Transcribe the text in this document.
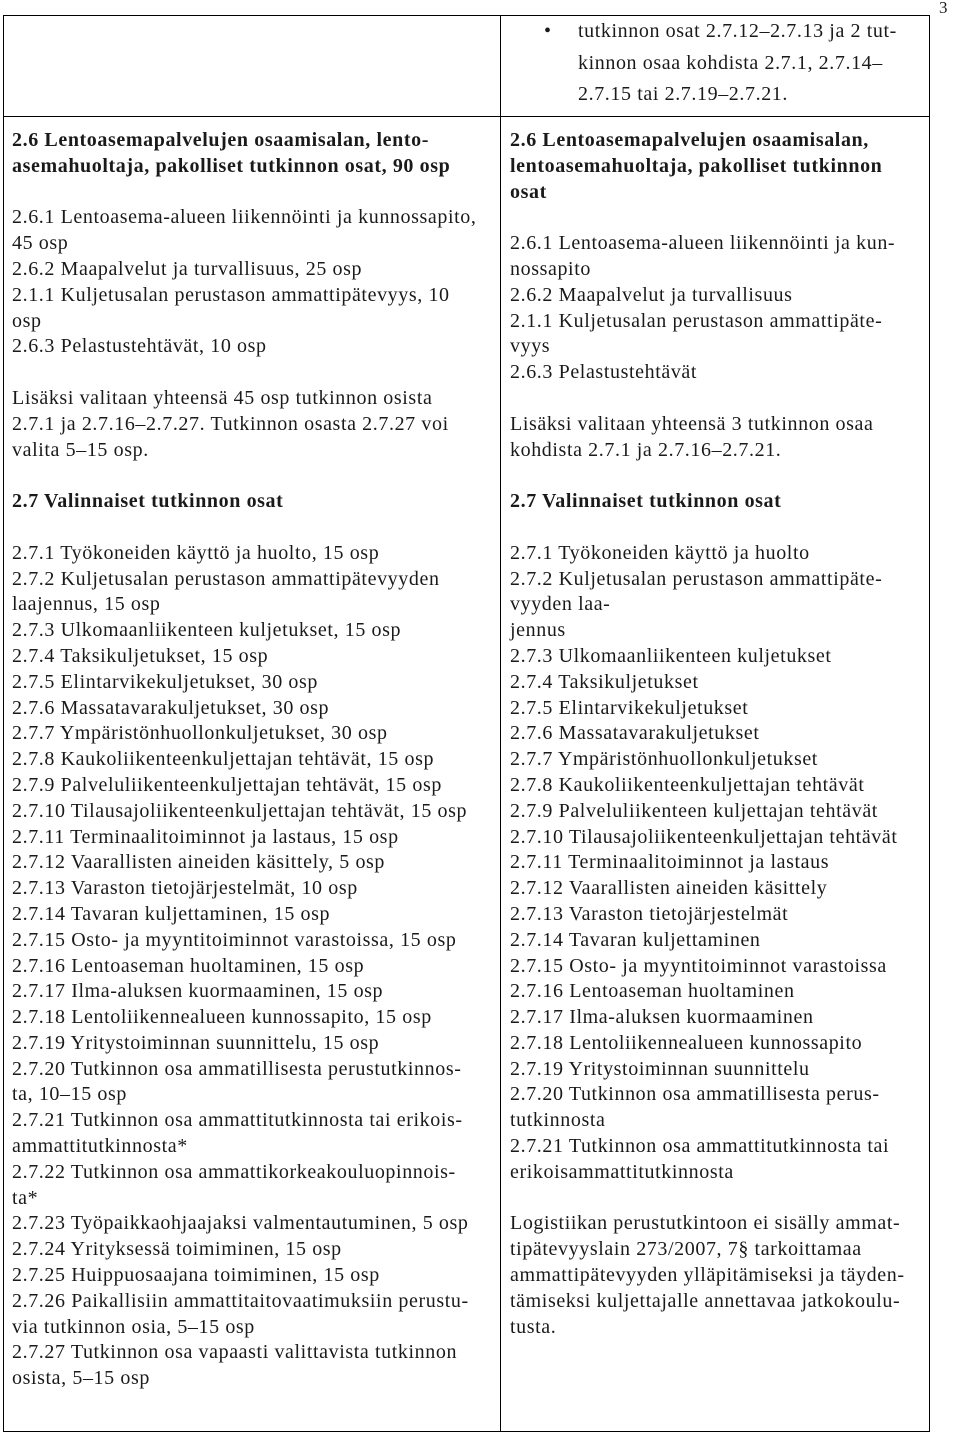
3
•
tutkinnon osat 2.7.12–2.7.13 ja 2 tut-
kinnon osaa kohdista 2.7.1, 2.7.14–
2.7.15 tai 2.7.19–2.7.21.
2.6 Lentoasemapalvelujen osaamisalan, lento-
asemahuoltaja, pakolliset tutkinnon osat, 90 osp
2.6.1 Lentoasema-alueen liikennöinti ja kunnossapito,
45 osp
2.6.2 Maapalvelut ja turvallisuus, 25 osp
2.1.1 Kuljetusalan perustason ammattipätevyys, 10
osp
2.6.3 Pelastustehtävät, 10 osp
Lisäksi valitaan yhteensä 45 osp tutkinnon osista
2.7.1 ja 2.7.16–2.7.27. Tutkinnon osasta 2.7.27 voi
valita 5–15 osp.
2.7 Valinnaiset tutkinnon osat
2.7.1 Työkoneiden käyttö ja huolto, 15 osp
2.7.2 Kuljetusalan perustason ammattipätevyyden
laajennus, 15 osp
2.7.3 Ulkomaanliikenteen kuljetukset, 15 osp
2.7.4 Taksikuljetukset, 15 osp
2.7.5 Elintarvikekuljetukset, 30 osp
2.7.6 Massatavarakuljetukset, 30 osp
2.7.7 Ympäristönhuollonkuljetukset, 30 osp
2.7.8 Kaukoliikenteenkuljettajan tehtävät, 15 osp
2.7.9 Palveluliikenteenkuljettajan tehtävät, 15 osp
2.7.10 Tilausajoliikenteenkuljettajan tehtävät, 15 osp
2.7.11 Terminaalitoiminnot ja lastaus, 15 osp
2.7.12 Vaarallisten aineiden käsittely, 5 osp
2.7.13 Varaston tietojärjestelmät, 10 osp
2.7.14 Tavaran kuljettaminen, 15 osp
2.7.15 Osto- ja myyntitoiminnot varastoissa, 15 osp
2.7.16 Lentoaseman huoltaminen, 15 osp
2.7.17 Ilma-aluksen kuormaaminen, 15 osp
2.7.18 Lentoliikennealueen kunnossapito, 15 osp
2.7.19 Yritystoiminnan suunnittelu, 15 osp
2.7.20 Tutkinnon osa ammatillisesta perustutkinnos-
ta, 10–15 osp
2.7.21 Tutkinnon osa ammattitutkinnosta tai erikois-
ammattitutkinnosta*
2.7.22 Tutkinnon osa ammattikorkeakouluopinnois-
ta*
2.7.23 Työpaikkaohjaajaksi valmentautuminen, 5 osp
2.7.24 Yrityksessä toimiminen, 15 osp
2.7.25 Huippuosaajana toimiminen, 15 osp
2.7.26 Paikallisiin ammattitaitovaatimuksiin perustu-
via tutkinnon osia, 5–15 osp
2.7.27 Tutkinnon osa vapaasti valittavista tutkinnon
osista, 5–15 osp
2.6 Lentoasemapalvelujen osaamisalan,
lentoasemahuoltaja, pakolliset tutkinnon
osat
2.6.1 Lentoasema-alueen liikennöinti ja kun-
nossapito
2.6.2 Maapalvelut ja turvallisuus
2.1.1 Kuljetusalan perustason ammattipäte-
vyys
2.6.3 Pelastustehtävät
Lisäksi valitaan yhteensä 3 tutkinnon osaa
kohdista 2.7.1 ja 2.7.16–2.7.21.
2.7 Valinnaiset tutkinnon osat
2.7.1 Työkoneiden käyttö ja huolto
2.7.2 Kuljetusalan perustason ammattipäte-
vyyden laa-
jennus
2.7.3 Ulkomaanliikenteen kuljetukset
2.7.4 Taksikuljetukset
2.7.5 Elintarvikekuljetukset
2.7.6 Massatavarakuljetukset
2.7.7 Ympäristönhuollonkuljetukset
2.7.8 Kaukoliikenteenkuljettajan tehtävät
2.7.9 Palveluliikenteen kuljettajan tehtävät
2.7.10 Tilausajoliikenteenkuljettajan tehtävät
2.7.11 Terminaalitoiminnot ja lastaus
2.7.12 Vaarallisten aineiden käsittely
2.7.13 Varaston tietojärjestelmät
2.7.14 Tavaran kuljettaminen
2.7.15 Osto- ja myyntitoiminnot varastoissa
2.7.16 Lentoaseman huoltaminen
2.7.17 Ilma-aluksen kuormaaminen
2.7.18 Lentoliikennealueen kunnossapito
2.7.19 Yritystoiminnan suunnittelu
2.7.20 Tutkinnon osa ammatillisesta perus-
tutkinnosta
2.7.21 Tutkinnon osa ammattitutkinnosta tai
erikoisammattitutkinnosta
Logistiikan perustutkintoon ei sisälly ammat-
tipätevyyslain 273/2007, 7§ tarkoittamaa
ammattipätevyyden ylläpitämiseksi ja täyden-
tämiseksi kuljettajalle annettavaa jatkokoulu-
tusta.
